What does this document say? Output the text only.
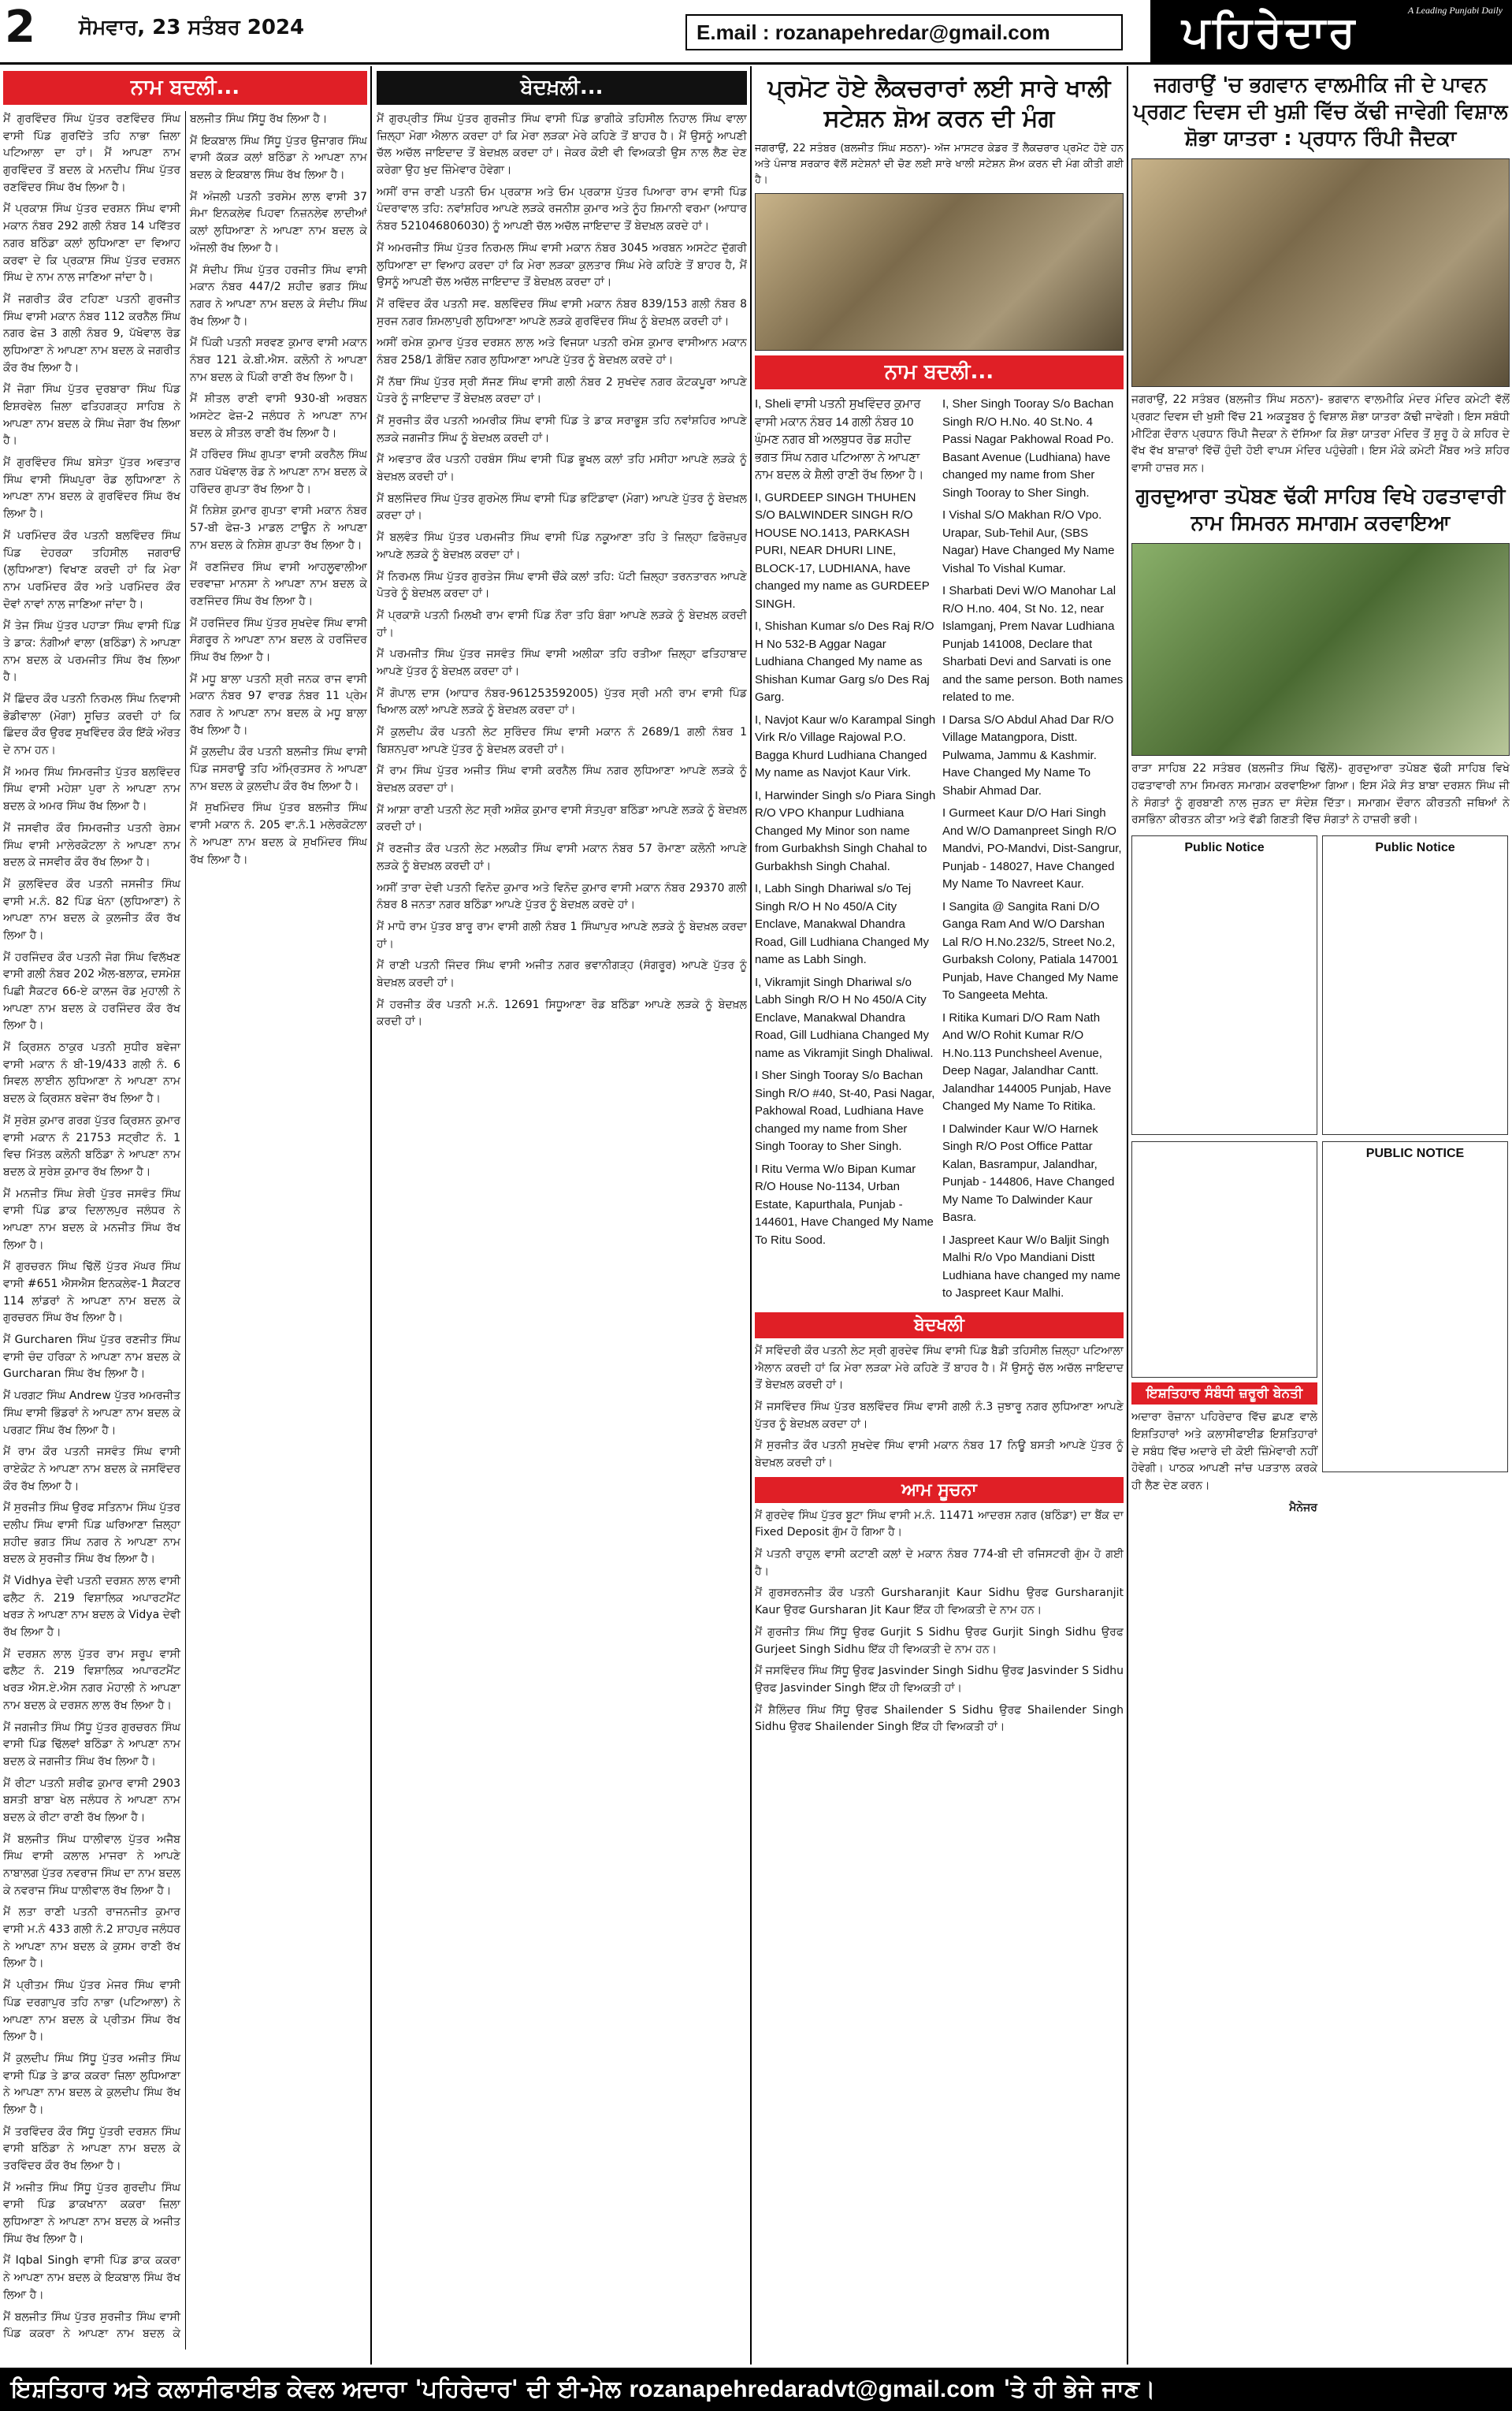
2 ਸੋਮਵਾਰ, 23 ਸਤੰਬਰ 2024	E.mail : rozanapehredar@gmail.com	ਪਹਿਰੇਦਾਰ	A Leading Punjabi Daily
ਨਾਮ ਬਦਲੀ...

ਮੈਂ ਗੁਰਵਿੰਦਰ ਸਿੰਘ ਪੁੱਤਰ ਰਣਵਿੰਦਰ ਸਿੰਘ ਵਾਸੀ ਪਿੰਡ ਗੁਰਦਿੱਤੇ ਤਹਿ ਨਾਭਾ ਜ਼ਿਲਾ ਪਟਿਆਲਾ ਦਾ ਹਾਂ। ਮੈਂ ਆਪਣਾ ਨਾਮ ਗੁਰਵਿੰਦਰ ਤੋਂ ਬਦਲ ਕੇ ਮਨਦੀਪ ਸਿੰਘ ਪੁੱਤਰ ਰਣਵਿੰਦਰ ਸਿੰਘ ਰੱਖ ਲਿਆ ਹੈ।

ਮੈਂ ਪ੍ਰਕਾਸ਼ ਸਿੰਘ ਪੁੱਤਰ ਦਰਸ਼ਨ ਸਿੰਘ ਵਾਸੀ ਮਕਾਨ ਨੰਬਰ 292 ਗਲੀ ਨੰਬਰ 14 ਪਵਿੱਤਰ ਨਗਰ ਬਠਿੰਡਾ ਕਲਾਂ ਲੁਧਿਆਣਾ ਦਾ ਵਿਆਹ ਕਰਵਾ ਦੇ ਕਿ ਪ੍ਰਕਾਸ਼ ਸਿੰਘ ਪੁੱਤਰ ਦਰਸ਼ਨ ਸਿੰਘ ਦੇ ਨਾਮ ਨਾਲ ਜਾਣਿਆ ਜਾਂਦਾ ਹੈ।

ਮੈਂ ਜਗਰੀਤ ਕੌਰ ਟਹਿਣਾ ਪਤਨੀ ਗੁਰਜੀਤ ਸਿੰਘ ਵਾਸੀ ਮਕਾਨ ਨੰਬਰ 112 ਕਰਨੈਲ ਸਿੰਘ ਨਗਰ ਫੇਜ਼ 3 ਗਲੀ ਨੰਬਰ 9, ਪੱਖੋਵਾਲ ਰੋਡ ਲੁਧਿਆਣਾ ਨੇ ਆਪਣਾ ਨਾਮ ਬਦਲ ਕੇ ਜਗਰੀਤ ਕੌਰ ਰੱਖ ਲਿਆ ਹੈ।

ਮੈਂ ਜੋਗਾ ਸਿੰਘ ਪੁੱਤਰ ਦੁਰਬਾਰਾ ਸਿੰਘ ਪਿੰਡ ਇਸ਼ਰਵੇਲ ਜ਼ਿਲਾ ਫਤਿਹਗੜ੍ਹ ਸਾਹਿਬ ਨੇ ਆਪਣਾ ਨਾਮ ਬਦਲ ਕੇ ਸਿੰਘ ਜੋਗਾ ਰੱਖ ਲਿਆ ਹੈ।

ਮੈਂ ਗੁਰਵਿੰਦਰ ਸਿੰਘ ਬਸੇਤਾ ਪੁੱਤਰ ਅਵਤਾਰ ਸਿੰਘ ਵਾਸੀ ਸਿੰਘਪੁਰਾ ਰੋਡ ਲੁਧਿਆਣਾ ਨੇ ਆਪਣਾ ਨਾਮ ਬਦਲ ਕੇ ਗੁਰਵਿੰਦਰ ਸਿੰਘ ਰੱਖ ਲਿਆ ਹੈ।

ਮੈਂ ਪਰਮਿੰਦਰ ਕੌਰ ਪਤਨੀ ਬਲਵਿੰਦਰ ਸਿੰਘ ਪਿੰਡ ਦੇਹਰਕਾ ਤਹਿਸੀਲ ਜਗਰਾਓਂ (ਲੁਧਿਆਣਾ) ਵਿਖਾਣ ਕਰਦੀ ਹਾਂ ਕਿ ਮੇਰਾ ਨਾਮ ਪਰਮਿੰਦਰ ਕੌਰ ਅਤੇ ਪਰਮਿੰਦਰ ਕੌਰ ਦੋਵਾਂ ਨਾਵਾਂ ਨਾਲ ਜਾਣਿਆ ਜਾਂਦਾ ਹੈ।

ਮੈਂ ਤੇਜ ਸਿੰਘ ਪੁੱਤਰ ਪਹਾੜਾ ਸਿੰਘ ਵਾਸੀ ਪਿੰਡ ਤੇ ਡਾਕ: ਨੰਗੀਆਂ ਵਾਲਾ (ਬਠਿੰਡਾ) ਨੇ ਆਪਣਾ ਨਾਮ ਬਦਲ ਕੇ ਪਰਮਜੀਤ ਸਿੰਘ ਰੱਖ ਲਿਆ ਹੈ।

ਮੈਂ ਛਿੰਦਰ ਕੌਰ ਪਤਨੀ ਨਿਰਮਲ ਸਿੰਘ ਨਿਵਾਸੀ ਭੋਡੀਵਾਲਾ (ਮੋਗਾ) ਸੂਚਿਤ ਕਰਦੀ ਹਾਂ ਕਿ ਛਿੰਦਰ ਕੌਰ ਉਰਫ ਸੁਖਵਿੰਦਰ ਕੌਰ ਇੱਕੋ ਔਰਤ ਦੇ ਨਾਮ ਹਨ।

ਮੈਂ ਅਮਰ ਸਿੰਘ ਸਿਮਰਜੀਤ ਪੁੱਤਰ ਬਲਵਿੰਦਰ ਸਿੰਘ ਵਾਸੀ ਮਹੇਸ਼ਾ ਪੁਰਾ ਨੇ ਆਪਣਾ ਨਾਮ ਬਦਲ ਕੇ ਅਮਰ ਸਿੰਘ ਰੱਖ ਲਿਆ ਹੈ।

ਮੈਂ ਜਸਵੀਰ ਕੌਰ ਸਿਮਰਜੀਤ ਪਤਨੀ ਰੇਸ਼ਮ ਸਿੰਘ ਵਾਸੀ ਮਾਲੇਰਕੋਟਲਾ ਨੇ ਆਪਣਾ ਨਾਮ ਬਦਲ ਕੇ ਜਸਵੀਰ ਕੌਰ ਰੱਖ ਲਿਆ ਹੈ।

ਮੈਂ ਕੁਲਵਿੰਦਰ ਕੌਰ ਪਤਨੀ ਜਸਜੀਤ ਸਿੰਘ ਵਾਸੀ ਮ.ਨੰ. 82 ਪਿੰਡ ਖੰਨਾ (ਲੁਧਿਆਣਾ) ਨੇ ਆਪਣਾ ਨਾਮ ਬਦਲ ਕੇ ਕੁਲਜੀਤ ਕੌਰ ਰੱਖ ਲਿਆ ਹੈ।

ਮੈਂ ਹਰਜਿੰਦਰ ਕੌਰ ਪਤਨੀ ਜੋਗ ਸਿੰਘ ਵਿਲੱਖਣ ਵਾਸੀ ਗਲੀ ਨੰਬਰ 202 ਐਲ-ਬਲਾਕ, ਦਸਮੇਸ਼ ਪਿਛੀ ਸੈਕਟਰ 66-ਏ ਕਾਲਜ ਰੋਡ ਮੁਹਾਲੀ ਨੇ ਆਪਣਾ ਨਾਮ ਬਦਲ ਕੇ ਹਰਜਿੰਦਰ ਕੌਰ ਰੱਖ ਲਿਆ ਹੈ।

ਮੈਂ ਕ੍ਰਿਸ਼ਨ ਠਾਕੁਰ ਪਤਨੀ ਸੁਧੀਰ ਬਵੇਜਾ ਵਾਸੀ ਮਕਾਨ ਨੰ ਬੀ-19/433 ਗਲੀ ਨੰ. 6 ਸਿਵਲ ਲਾਈਨ ਲੁਧਿਆਣਾ ਨੇ ਆਪਣਾ ਨਾਮ ਬਦਲ ਕੇ ਕ੍ਰਿਸ਼ਨ ਬਵੇਜਾ ਰੱਖ ਲਿਆ ਹੈ।

ਮੈਂ ਸੁਰੇਸ਼ ਕੁਮਾਰ ਗਰਗ ਪੁੱਤਰ ਕ੍ਰਿਸ਼ਨ ਕੁਮਾਰ ਵਾਸੀ ਮਕਾਨ ਨੰ 21753 ਸਟ੍ਰੀਟ ਨੰ. 1 ਵਿਚ ਮਿੱਤਲ ਕਲੋਨੀ ਬਠਿੰਡਾ ਨੇ ਆਪਣਾ ਨਾਮ ਬਦਲ ਕੇ ਸੁਰੇਸ਼ ਕੁਮਾਰ ਰੱਖ ਲਿਆ ਹੈ।

ਮੈਂ ਮਨਜੀਤ ਸਿੰਘ ਸ਼ੇਰੀ ਪੁੱਤਰ ਜਸਵੰਤ ਸਿੰਘ ਵਾਸੀ ਪਿੰਡ ਡਾਕ ਦਿਲਾਲਪੁਰ ਜਲੰਧਰ ਨੇ ਆਪਣਾ ਨਾਮ ਬਦਲ ਕੇ ਮਨਜੀਤ ਸਿੰਘ ਰੱਖ ਲਿਆ ਹੈ।

ਮੈਂ ਗੁਰਚਰਨ ਸਿੰਘ ਢਿੱਲੋਂ ਪੁੱਤਰ ਮੱਘਰ ਸਿੰਘ ਵਾਸੀ #651 ਐਸਐਸ ਇਨਕਲੇਵ-1 ਸੈਕਟਰ 114 ਲਾਂਡਰਾਂ ਨੇ ਆਪਣਾ ਨਾਮ ਬਦਲ ਕੇ ਗੁਰਚਰਨ ਸਿੰਘ ਰੱਖ ਲਿਆ ਹੈ।

ਮੈਂ Gurcharen ਸਿੰਘ ਪੁੱਤਰ ਰਣਜੀਤ ਸਿੰਘ ਵਾਸੀ ਚੰਦ ਹਰਿਕਾ ਨੇ ਆਪਣਾ ਨਾਮ ਬਦਲ ਕੇ Gurcharan ਸਿੰਘ ਰੱਖ ਲਿਆ ਹੈ।

ਮੈਂ ਪਰਗਟ ਸਿੰਘ Andrew ਪੁੱਤਰ ਅਮਰਜੀਤ ਸਿੰਘ ਵਾਸੀ ਭਿੰਡਰਾਂ ਨੇ ਆਪਣਾ ਨਾਮ ਬਦਲ ਕੇ ਪਰਗਟ ਸਿੰਘ ਰੱਖ ਲਿਆ ਹੈ।

ਮੈਂ ਰਾਮ ਕੌਰ ਪਤਨੀ ਜਸਵੰਤ ਸਿੰਘ ਵਾਸੀ ਰਾਏਕੋਟ ਨੇ ਆਪਣਾ ਨਾਮ ਬਦਲ ਕੇ ਜਸਵਿੰਦਰ ਕੌਰ ਰੱਖ ਲਿਆ ਹੈ।

ਮੈਂ ਸੁਰਜੀਤ ਸਿੰਘ ਉਰਫ ਸਤਿਨਾਮ ਸਿੰਘ ਪੁੱਤਰ ਦਲੀਪ ਸਿੰਘ ਵਾਸੀ ਪਿੰਡ ਘਰਿਆਣਾ ਜ਼ਿਲ੍ਹਾ ਸ਼ਹੀਦ ਭਗਤ ਸਿੰਘ ਨਗਰ ਨੇ ਆਪਣਾ ਨਾਮ ਬਦਲ ਕੇ ਸੁਰਜੀਤ ਸਿੰਘ ਰੱਖ ਲਿਆ ਹੈ।

ਮੈਂ Vidhya ਦੇਵੀ ਪਤਨੀ ਦਰਸ਼ਨ ਲਾਲ ਵਾਸੀ ਫਲੈਟ ਨੰ. 219 ਵਿਸ਼ਾਲਿਕ ਅਪਾਰਟਮੈਂਟ ਖਰੜ ਨੇ ਆਪਣਾ ਨਾਮ ਬਦਲ ਕੇ Vidya ਦੇਵੀ ਰੱਖ ਲਿਆ ਹੈ।

ਮੈਂ ਦਰਸ਼ਨ ਲਾਲ ਪੁੱਤਰ ਰਾਮ ਸਰੂਪ ਵਾਸੀ ਫਲੈਟ ਨੰ. 219 ਵਿਸ਼ਾਲਿਕ ਅਪਾਰਟਮੈਂਟ ਖਰੜ ਐਸ.ਏ.ਐਸ ਨਗਰ ਮੋਹਾਲੀ ਨੇ ਆਪਣਾ ਨਾਮ ਬਦਲ ਕੇ ਦਰਸ਼ਨ ਲਾਲ ਰੱਖ ਲਿਆ ਹੈ।

ਮੈਂ ਜਗਜੀਤ ਸਿੰਘ ਸਿੱਧੂ ਪੁੱਤਰ ਗੁਰਚਰਨ ਸਿੰਘ ਵਾਸੀ ਪਿੰਡ ਢਿੱਲਵਾਂ ਬਠਿੰਡਾ ਨੇ ਆਪਣਾ ਨਾਮ ਬਦਲ ਕੇ ਜਗਜੀਤ ਸਿੰਘ ਰੱਖ ਲਿਆ ਹੈ।

ਮੈਂ ਰੀਟਾ ਪਤਨੀ ਸ਼ਰੀਫ ਕੁਮਾਰ ਵਾਸੀ 2903 ਬਸਤੀ ਬਾਬਾ ਖੇਲ ਜਲੰਧਰ ਨੇ ਆਪਣਾ ਨਾਮ ਬਦਲ ਕੇ ਰੀਟਾ ਰਾਣੀ ਰੱਖ ਲਿਆ ਹੈ।

ਮੈਂ ਬਲਜੀਤ ਸਿੰਘ ਧਾਲੀਵਾਲ ਪੁੱਤਰ ਅਜੈਬ ਸਿੰਘ ਵਾਸੀ ਕਲਾਲ ਮਾਜਰਾ ਨੇ ਆਪਣੇ ਨਾਬਾਲਗ ਪੁੱਤਰ ਨਵਰਾਜ ਸਿੰਘ ਦਾ ਨਾਮ ਬਦਲ ਕੇ ਨਵਰਾਜ ਸਿੰਘ ਧਾਲੀਵਾਲ ਰੱਖ ਲਿਆ ਹੈ।

ਮੈਂ ਲਤਾ ਰਾਣੀ ਪਤਨੀ ਰਾਜਨਜੀਤ ਕੁਮਾਰ ਵਾਸੀ ਮ.ਨੰ 433 ਗਲੀ ਨੰ.2 ਸ਼ਾਹਪੁਰ ਜਲੰਧਰ ਨੇ ਆਪਣਾ ਨਾਮ ਬਦਲ ਕੇ ਕੁਸਮ ਰਾਣੀ ਰੱਖ ਲਿਆ ਹੈ।

ਮੈਂ ਪ੍ਰੀਤਮ ਸਿੰਘ ਪੁੱਤਰ ਮੇਜਰ ਸਿੰਘ ਵਾਸੀ ਪਿੰਡ ਦਰਗਾਪੁਰ ਤਹਿ ਨਾਭਾ (ਪਟਿਆਲਾ) ਨੇ ਆਪਣਾ ਨਾਮ ਬਦਲ ਕੇ ਪ੍ਰੀਤਮ ਸਿੰਘ ਰੱਖ ਲਿਆ ਹੈ।

ਮੈਂ ਕੁਲਦੀਪ ਸਿੰਘ ਸਿੱਧੂ ਪੁੱਤਰ ਅਜੀਤ ਸਿੰਘ ਵਾਸੀ ਪਿੰਡ ਤੇ ਡਾਕ ਕਕਰਾ ਜ਼ਿਲਾ ਲੁਧਿਆਣਾ ਨੇ ਆਪਣਾ ਨਾਮ ਬਦਲ ਕੇ ਕੁਲਦੀਪ ਸਿੰਘ ਰੱਖ ਲਿਆ ਹੈ।

ਮੈਂ ਤਰਵਿੰਦਰ ਕੌਰ ਸਿੱਧੂ ਪੁੱਤਰੀ ਦਰਸ਼ਨ ਸਿੰਘ ਵਾਸੀ ਬਠਿੰਡਾ ਨੇ ਆਪਣਾ ਨਾਮ ਬਦਲ ਕੇ ਤਰਵਿੰਦਰ ਕੌਰ ਰੱਖ ਲਿਆ ਹੈ।

ਮੈਂ ਅਜੀਤ ਸਿੰਘ ਸਿੱਧੂ ਪੁੱਤਰ ਗੁਰਦੀਪ ਸਿੰਘ ਵਾਸੀ ਪਿੰਡ ਡਾਕਖਾਨਾ ਕਕਰਾ ਜ਼ਿਲਾ ਲੁਧਿਆਣਾ ਨੇ ਆਪਣਾ ਨਾਮ ਬਦਲ ਕੇ ਅਜੀਤ ਸਿੰਘ ਰੱਖ ਲਿਆ ਹੈ।

ਮੈਂ Iqbal Singh ਵਾਸੀ ਪਿੰਡ ਡਾਕ ਕਕਰਾ ਨੇ ਆਪਣਾ ਨਾਮ ਬਦਲ ਕੇ ਇਕਬਾਲ ਸਿੰਘ ਰੱਖ ਲਿਆ ਹੈ।

ਮੈਂ ਬਲਜੀਤ ਸਿੰਘ ਪੁੱਤਰ ਸੁਰਜੀਤ ਸਿੰਘ ਵਾਸੀ ਪਿੰਡ ਕਕਰਾ ਨੇ ਆਪਣਾ ਨਾਮ ਬਦਲ ਕੇ ਬਲਜੀਤ ਸਿੰਘ ਸਿੱਧੂ ਰੱਖ ਲਿਆ ਹੈ।

ਮੈਂ ਇਕਬਾਲ ਸਿੰਘ ਸਿੱਧੂ ਪੁੱਤਰ ਉਜਾਗਰ ਸਿੰਘ ਵਾਸੀ ਕੱਕੜ ਕਲਾਂ ਬਠਿੰਡਾ ਨੇ ਆਪਣਾ ਨਾਮ ਬਦਲ ਕੇ ਇਕਬਾਲ ਸਿੰਘ ਰੱਖ ਲਿਆ ਹੈ।

ਮੈਂ ਅੰਜਲੀ ਪਤਨੀ ਤਰਸੇਮ ਲਾਲ ਵਾਸੀ 37 ਸੰਮਾ ਇਨਕਲੇਵ ਪਿਹਵਾ ਨਿਜ਼ਨਲੇਵ ਲਾਦੀਆਂ ਕਲਾਂ ਲੁਧਿਆਣਾ ਨੇ ਆਪਣਾ ਨਾਮ ਬਦਲ ਕੇ ਅੰਜਲੀ ਰੱਖ ਲਿਆ ਹੈ।

ਮੈਂ ਸੰਦੀਪ ਸਿੰਘ ਪੁੱਤਰ ਹਰਜੀਤ ਸਿੰਘ ਵਾਸੀ ਮਕਾਨ ਨੰਬਰ 447/2 ਸ਼ਹੀਦ ਭਗਤ ਸਿੰਘ ਨਗਰ ਨੇ ਆਪਣਾ ਨਾਮ ਬਦਲ ਕੇ ਸੰਦੀਪ ਸਿੰਘ ਰੱਖ ਲਿਆ ਹੈ।

ਮੈਂ ਪਿੰਕੀ ਪਤਨੀ ਸਰਵਣ ਕੁਮਾਰ ਵਾਸੀ ਮਕਾਨ ਨੰਬਰ 121 ਕੇ.ਬੀ.ਐਸ. ਕਲੋਨੀ ਨੇ ਆਪਣਾ ਨਾਮ ਬਦਲ ਕੇ ਪਿੰਕੀ ਰਾਣੀ ਰੱਖ ਲਿਆ ਹੈ।

ਮੈਂ ਸ਼ੀਤਲ ਰਾਣੀ ਵਾਸੀ 930-ਬੀ ਅਰਬਨ ਅਸਟੇਟ ਫੇਜ਼-2 ਜਲੰਧਰ ਨੇ ਆਪਣਾ ਨਾਮ ਬਦਲ ਕੇ ਸ਼ੀਤਲ ਰਾਣੀ ਰੱਖ ਲਿਆ ਹੈ।

ਮੈਂ ਹਰਿੰਦਰ ਸਿੰਘ ਗੁਪਤਾ ਵਾਸੀ ਕਰਨੈਲ ਸਿੰਘ ਨਗਰ ਪੱਖੋਵਾਲ ਰੋਡ ਨੇ ਆਪਣਾ ਨਾਮ ਬਦਲ ਕੇ ਹਰਿੰਦਰ ਗੁਪਤਾ ਰੱਖ ਲਿਆ ਹੈ।

ਮੈਂ ਨਿਸ਼ੇਸ਼ ਕੁਮਾਰ ਗੁਪਤਾ ਵਾਸੀ ਮਕਾਨ ਨੰਬਰ 57-ਬੀ ਫੇਜ਼-3 ਮਾਡਲ ਟਾਊਨ ਨੇ ਆਪਣਾ ਨਾਮ ਬਦਲ ਕੇ ਨਿਸ਼ੇਸ਼ ਗੁਪਤਾ ਰੱਖ ਲਿਆ ਹੈ।

ਮੈਂ ਰਣਜਿੰਦਰ ਸਿੰਘ ਵਾਸੀ ਆਹਲੂਵਾਲੀਆ ਦਰਵਾਜ਼ਾ ਮਾਨਸਾ ਨੇ ਆਪਣਾ ਨਾਮ ਬਦਲ ਕੇ ਰਣਜਿੰਦਰ ਸਿੰਘ ਰੱਖ ਲਿਆ ਹੈ।

ਮੈਂ ਹਰਜਿੰਦਰ ਸਿੰਘ ਪੁੱਤਰ ਸੁਖਦੇਵ ਸਿੰਘ ਵਾਸੀ ਸੰਗਰੂਰ ਨੇ ਆਪਣਾ ਨਾਮ ਬਦਲ ਕੇ ਹਰਜਿੰਦਰ ਸਿੰਘ ਰੱਖ ਲਿਆ ਹੈ।

ਮੈਂ ਮਧੂ ਬਾਲਾ ਪਤਨੀ ਸ਼੍ਰੀ ਜਨਕ ਰਾਜ ਵਾਸੀ ਮਕਾਨ ਨੰਬਰ 97 ਵਾਰਡ ਨੰਬਰ 11 ਪ੍ਰੇਮ ਨਗਰ ਨੇ ਆਪਣਾ ਨਾਮ ਬਦਲ ਕੇ ਮਧੂ ਬਾਲਾ ਰੱਖ ਲਿਆ ਹੈ।

ਮੈਂ ਕੁਲਦੀਪ ਕੌਰ ਪਤਨੀ ਬਲਜੀਤ ਸਿੰਘ ਵਾਸੀ ਪਿੰਡ ਜਸਰਾਊ ਤਹਿ ਅੰਮ੍ਰਿਤਸਰ ਨੇ ਆਪਣਾ ਨਾਮ ਬਦਲ ਕੇ ਕੁਲਦੀਪ ਕੌਰ ਰੱਖ ਲਿਆ ਹੈ।

ਮੈਂ ਸੁਖਮਿੰਦਰ ਸਿੰਘ ਪੁੱਤਰ ਬਲਜੀਤ ਸਿੰਘ ਵਾਸੀ ਮਕਾਨ ਨੰ. 205 ਵਾ.ਨੰ.1 ਮਲੇਰਕੋਟਲਾ ਨੇ ਆਪਣਾ ਨਾਮ ਬਦਲ ਕੇ ਸੁਖਮਿੰਦਰ ਸਿੰਘ ਰੱਖ ਲਿਆ ਹੈ।

ਬੇਦਖ਼ਲੀ...

ਮੈਂ ਗੁਰਪ੍ਰੀਤ ਸਿੰਘ ਪੁੱਤਰ ਗੁਰਜੀਤ ਸਿੰਘ ਵਾਸੀ ਪਿੰਡ ਭਾਗੀਕੇ ਤਹਿਸੀਲ ਨਿਹਾਲ ਸਿੰਘ ਵਾਲਾ ਜ਼ਿਲ੍ਹਾ ਮੋਗਾ ਐਲਾਨ ਕਰਦਾ ਹਾਂ ਕਿ ਮੇਰਾ ਲੜਕਾ ਮੇਰੇ ਕਹਿਣੇ ਤੋਂ ਬਾਹਰ ਹੈ। ਮੈਂ ਉਸਨੂੰ ਆਪਣੀ ਚੱਲ ਅਚੱਲ ਜਾਇਦਾਦ ਤੋਂ ਬੇਦਖ਼ਲ ਕਰਦਾ ਹਾਂ। ਜੇਕਰ ਕੋਈ ਵੀ ਵਿਅਕਤੀ ਉਸ ਨਾਲ ਲੈਣ ਦੇਣ ਕਰੇਗਾ ਉਹ ਖੁਦ ਜ਼ਿੰਮੇਵਾਰ ਹੋਵੇਗਾ।

ਅਸੀਂ ਰਾਜ ਰਾਣੀ ਪਤਨੀ ਓਮ ਪ੍ਰਕਾਸ਼ ਅਤੇ ਓਮ ਪ੍ਰਕਾਸ਼ ਪੁੱਤਰ ਪਿਆਰਾ ਰਾਮ ਵਾਸੀ ਪਿੰਡ ਪੰਦਰਾਵਾਲ ਤਹਿ: ਨਵਾਂਸ਼ਹਿਰ ਆਪਣੇ ਲੜਕੇ ਰਜਨੀਸ਼ ਕੁਮਾਰ ਅਤੇ ਨੂੰਹ ਸ਼ਿਮਾਨੀ ਵਰਮਾ (ਆਧਾਰ ਨੰਬਰ 521046806030) ਨੂੰ ਆਪਣੀ ਚੱਲ ਅਚੱਲ ਜਾਇਦਾਦ ਤੋਂ ਬੇਦਖ਼ਲ ਕਰਦੇ ਹਾਂ।

ਮੈਂ ਅਮਰਜੀਤ ਸਿੰਘ ਪੁੱਤਰ ਨਿਰਮਲ ਸਿੰਘ ਵਾਸੀ ਮਕਾਨ ਨੰਬਰ 3045 ਅਰਬਨ ਅਸਟੇਟ ਦੁੱਗਰੀ ਲੁਧਿਆਣਾ ਦਾ ਵਿਆਹ ਕਰਦਾ ਹਾਂ ਕਿ ਮੇਰਾ ਲੜਕਾ ਕੁਲਤਾਰ ਸਿੰਘ ਮੇਰੇ ਕਹਿਣੇ ਤੋਂ ਬਾਹਰ ਹੈ, ਮੈਂ ਉਸਨੂੰ ਆਪਣੀ ਚੱਲ ਅਚੱਲ ਜਾਇਦਾਦ ਤੋਂ ਬੇਦਖ਼ਲ ਕਰਦਾ ਹਾਂ।

ਮੈਂ ਰਵਿੰਦਰ ਕੌਰ ਪਤਨੀ ਸਵ. ਬਲਵਿੰਦਰ ਸਿੰਘ ਵਾਸੀ ਮਕਾਨ ਨੰਬਰ 839/153 ਗਲੀ ਨੰਬਰ 8 ਸੁਰਜ ਨਗਰ ਸ਼ਿਮਲਾਪੁਰੀ ਲੁਧਿਆਣਾ ਆਪਣੇ ਲੜਕੇ ਗੁਰਵਿੰਦਰ ਸਿੰਘ ਨੂੰ ਬੇਦਖ਼ਲ ਕਰਦੀ ਹਾਂ।

ਅਸੀਂ ਰਮੇਸ਼ ਕੁਮਾਰ ਪੁੱਤਰ ਦਰਸ਼ਨ ਲਾਲ ਅਤੇ ਵਿਜਯਾ ਪਤਨੀ ਰਮੇਸ਼ ਕੁਮਾਰ ਵਾਸੀਆਨ ਮਕਾਨ ਨੰਬਰ 258/1 ਗੋਬਿੰਦ ਨਗਰ ਲੁਧਿਆਣਾ ਆਪਣੇ ਪੁੱਤਰ ਨੂੰ ਬੇਦਖ਼ਲ ਕਰਦੇ ਹਾਂ।

ਮੈਂ ਨੱਥਾ ਸਿੰਘ ਪੁੱਤਰ ਸ੍ਰੀ ਸੱਜਣ ਸਿੰਘ ਵਾਸੀ ਗਲੀ ਨੰਬਰ 2 ਸੁਖਦੇਵ ਨਗਰ ਕੋਟਕਪੂਰਾ ਆਪਣੇ ਪੋਤਰੇ ਨੂੰ ਜਾਇਦਾਦ ਤੋਂ ਬੇਦਖ਼ਲ ਕਰਦਾ ਹਾਂ।

ਮੈਂ ਸੁਰਜੀਤ ਕੌਰ ਪਤਨੀ ਅਮਰੀਕ ਸਿੰਘ ਵਾਸੀ ਪਿੰਡ ਤੇ ਡਾਕ ਸਰਾਭੂਸ਼ ਤਹਿ ਨਵਾਂਸ਼ਹਿਰ ਆਪਣੇ ਲੜਕੇ ਜਗਜੀਤ ਸਿੰਘ ਨੂੰ ਬੇਦਖ਼ਲ ਕਰਦੀ ਹਾਂ।

ਮੈਂ ਅਵਤਾਰ ਕੌਰ ਪਤਨੀ ਹਰਬੰਸ ਸਿੰਘ ਵਾਸੀ ਪਿੰਡ ਭੂਖਲ ਕਲਾਂ ਤਹਿ ਮਸੀਹਾ ਆਪਣੇ ਲੜਕੇ ਨੂੰ ਬੇਦਖ਼ਲ ਕਰਦੀ ਹਾਂ।

ਮੈਂ ਬਲਜਿੰਦਰ ਸਿੰਘ ਪੁੱਤਰ ਗੁਰਮੇਲ ਸਿੰਘ ਵਾਸੀ ਪਿੰਡ ਭਟਿੰਡਾਵਾ (ਮੋਗਾ) ਆਪਣੇ ਪੁੱਤਰ ਨੂੰ ਬੇਦਖ਼ਲ ਕਰਦਾ ਹਾਂ।

ਮੈਂ ਬਲਵੰਤ ਸਿੰਘ ਪੁੱਤਰ ਪਰਮਜੀਤ ਸਿੰਘ ਵਾਸੀ ਪਿੰਡ ਨਕੂਆਣਾ ਤਹਿ ਤੇ ਜ਼ਿਲ੍ਹਾ ਫ਼ਿਰੋਜ਼ਪੁਰ ਆਪਣੇ ਲੜਕੇ ਨੂੰ ਬੇਦਖ਼ਲ ਕਰਦਾ ਹਾਂ।

ਮੈਂ ਨਿਰਮਲ ਸਿੰਘ ਪੁੱਤਰ ਗੁਰਤੇਜ ਸਿੰਘ ਵਾਸੀ ਚੌਂਕੇ ਕਲਾਂ ਤਹਿ: ਪੱਟੀ ਜ਼ਿਲ੍ਹਾ ਤਰਨਤਾਰਨ ਆਪਣੇ ਪੋਤਰੇ ਨੂੰ ਬੇਦਖ਼ਲ ਕਰਦਾ ਹਾਂ।

ਮੈਂ ਪ੍ਰਕਾਸ਼ੋ ਪਤਨੀ ਮਿਲਖੀ ਰਾਮ ਵਾਸੀ ਪਿੰਡ ਨੌਰਾ ਤਹਿ ਬੰਗਾ ਆਪਣੇ ਲੜਕੇ ਨੂੰ ਬੇਦਖ਼ਲ ਕਰਦੀ ਹਾਂ।

ਮੈਂ ਪਰਮਜੀਤ ਸਿੰਘ ਪੁੱਤਰ ਜਸਵੰਤ ਸਿੰਘ ਵਾਸੀ ਅਲੀਕਾ ਤਹਿ ਰਤੀਆ ਜ਼ਿਲ੍ਹਾ ਫਤਿਹਾਬਾਦ ਆਪਣੇ ਪੁੱਤਰ ਨੂੰ ਬੇਦਖ਼ਲ ਕਰਦਾ ਹਾਂ।

ਮੈਂ ਗੋਪਾਲ ਦਾਸ (ਆਧਾਰ ਨੰਬਰ-961253592005) ਪੁੱਤਰ ਸ੍ਰੀ ਮਨੀ ਰਾਮ ਵਾਸੀ ਪਿੰਡ ਖਿਆਲ ਕਲਾਂ ਆਪਣੇ ਲੜਕੇ ਨੂੰ ਬੇਦਖ਼ਲ ਕਰਦਾ ਹਾਂ।

ਮੈਂ ਕੁਲਦੀਪ ਕੌਰ ਪਤਨੀ ਲੇਟ ਸੁਰਿੰਦਰ ਸਿੰਘ ਵਾਸੀ ਮਕਾਨ ਨੰ 2689/1 ਗਲੀ ਨੰਬਰ 1 ਬਿਸ਼ਨਪੁਰਾ ਆਪਣੇ ਪੁੱਤਰ ਨੂੰ ਬੇਦਖ਼ਲ ਕਰਦੀ ਹਾਂ।

ਮੈਂ ਰਾਮ ਸਿੰਘ ਪੁੱਤਰ ਅਜੀਤ ਸਿੰਘ ਵਾਸੀ ਕਰਨੈਲ ਸਿੰਘ ਨਗਰ ਲੁਧਿਆਣਾ ਆਪਣੇ ਲੜਕੇ ਨੂੰ ਬੇਦਖ਼ਲ ਕਰਦਾ ਹਾਂ।

ਮੈਂ ਆਸ਼ਾ ਰਾਣੀ ਪਤਨੀ ਲੇਟ ਸ੍ਰੀ ਅਸ਼ੋਕ ਕੁਮਾਰ ਵਾਸੀ ਸੰਤਪੁਰਾ ਬਠਿੰਡਾ ਆਪਣੇ ਲੜਕੇ ਨੂੰ ਬੇਦਖ਼ਲ ਕਰਦੀ ਹਾਂ।

ਮੈਂ ਰਣਜੀਤ ਕੌਰ ਪਤਨੀ ਲੇਟ ਮਲਕੀਤ ਸਿੰਘ ਵਾਸੀ ਮਕਾਨ ਨੰਬਰ 57 ਰੋਮਾਣਾ ਕਲੋਨੀ ਆਪਣੇ ਲੜਕੇ ਨੂੰ ਬੇਦਖ਼ਲ ਕਰਦੀ ਹਾਂ।

ਅਸੀਂ ਤਾਰਾ ਦੇਵੀ ਪਤਨੀ ਵਿਨੋਦ ਕੁਮਾਰ ਅਤੇ ਵਿਨੋਦ ਕੁਮਾਰ ਵਾਸੀ ਮਕਾਨ ਨੰਬਰ 29370 ਗਲੀ ਨੰਬਰ 8 ਜਨਤਾ ਨਗਰ ਬਠਿੰਡਾ ਆਪਣੇ ਪੁੱਤਰ ਨੂੰ ਬੇਦਖ਼ਲ ਕਰਦੇ ਹਾਂ।

ਮੈਂ ਮਾਧੋ ਰਾਮ ਪੁੱਤਰ ਬਾਰੂ ਰਾਮ ਵਾਸੀ ਗਲੀ ਨੰਬਰ 1 ਸਿੰਘਾਪੁਰ ਆਪਣੇ ਲੜਕੇ ਨੂੰ ਬੇਦਖ਼ਲ ਕਰਦਾ ਹਾਂ।

ਮੈਂ ਰਾਣੀ ਪਤਨੀ ਜਿੰਦਰ ਸਿੰਘ ਵਾਸੀ ਅਜੀਤ ਨਗਰ ਭਵਾਨੀਗੜ੍ਹ (ਸੰਗਰੂਰ) ਆਪਣੇ ਪੁੱਤਰ ਨੂੰ ਬੇਦਖ਼ਲ ਕਰਦੀ ਹਾਂ।

ਮੈਂ ਹਰਜੀਤ ਕੌਰ ਪਤਨੀ ਮ.ਨੰ. 12691 ਸਿਧੂਆਣਾ ਰੋਡ ਬਠਿੰਡਾ ਆਪਣੇ ਲੜਕੇ ਨੂੰ ਬੇਦਖ਼ਲ ਕਰਦੀ ਹਾਂ।

ਪ੍ਰਮੋਟ ਹੋਏ ਲੈਕਚਰਾਰਾਂ ਲਈ ਸਾਰੇ ਖਾਲੀ ਸਟੇਸ਼ਨ ਸ਼ੋਅ ਕਰਨ ਦੀ ਮੰਗ

ਜਗਰਾਉਂ, 22 ਸਤੰਬਰ (ਬਲਜੀਤ ਸਿੰਘ ਸਠਨਾ)- ਅੱਜ ਮਾਸਟਰ ਕੇਡਰ ਤੋਂ ਲੈਕਚਰਾਰ ਪ੍ਰਮੋਟ ਹੋਏ ਹਨ ਅਤੇ ਪੰਜਾਬ ਸਰਕਾਰ ਵੱਲੋਂ ਸਟੇਸ਼ਨਾਂ ਦੀ ਚੋਣ ਲਈ ਸਾਰੇ ਖਾਲੀ ਸਟੇਸ਼ਨ ਸ਼ੋਅ ਕਰਨ ਦੀ ਮੰਗ ਕੀਤੀ ਗਈ ਹੈ।

ਨਾਮ ਬਦਲੀ...

I, Sheli ਵਾਸੀ ਪਤਨੀ ਸੁਖਵਿੰਦਰ ਕੁਮਾਰ ਵਾਸੀ ਮਕਾਨ ਨੰਬਰ 14 ਗਲੀ ਨੰਬਰ 10 ਘੁੰਮਣ ਨਗਰ ਬੀ ਅਲਬੁਧਰ ਰੋਡ ਸ਼ਹੀਦ ਭਗਤ ਸਿੰਘ ਨਗਰ ਪਟਿਆਲਾ ਨੇ ਆਪਣਾ ਨਾਮ ਬਦਲ ਕੇ ਸ਼ੈਲੀ ਰਾਣੀ ਰੱਖ ਲਿਆ ਹੈ।

I, GURDEEP SINGH THUHEN S/O BALWINDER SINGH R/O HOUSE NO.1413, PARKASH PURI, NEAR DHURI LINE, BLOCK-17, LUDHIANA, have changed my name as GURDEEP SINGH.

I, Shishan Kumar s/o Des Raj R/O H No 532-B Aggar Nagar Ludhiana Changed My name as Shishan Kumar Garg s/o Des Raj Garg.

I, Navjot Kaur w/o Karampal Singh Virk R/o Village Rajowal P.O. Bagga Khurd Ludhiana Changed My name as Navjot Kaur Virk.

I, Harwinder Singh s/o Piara Singh R/O VPO Khanpur Ludhiana Changed My Minor son name from Gurbakhsh Singh Chahal to Gurbakhsh Singh Chahal.

I, Labh Singh Dhariwal s/o Tej Singh R/O H No 450/A City Enclave, Manakwal Dhandra Road, Gill Ludhiana Changed My name as Labh Singh.

I, Vikramjit Singh Dhariwal s/o Labh Singh R/O H No 450/A City Enclave, Manakwal Dhandra Road, Gill Ludhiana Changed My name as Vikramjit Singh Dhaliwal.

I Sher Singh Tooray S/o Bachan Singh R/O #40, St-40, Pasi Nagar, Pakhowal Road, Ludhiana Have changed my name from Sher Singh Tooray to Sher Singh.

I Ritu Verma W/o Bipan Kumar R/O House No-1134, Urban Estate, Kapurthala, Punjab - 144601, Have Changed My Name To Ritu Sood.

I, Sher Singh Tooray S/o Bachan Singh R/O H.No. 40 St.No. 4 Passi Nagar Pakhowal Road Po. Basant Avenue (Ludhiana) have changed my name from Sher Singh Tooray to Sher Singh.

I Vishal S/O Makhan R/O Vpo. Urapar, Sub-Tehil Aur, (SBS Nagar) Have Changed My Name Vishal To Vishal Kumar.

I Sharbati Devi W/O Manohar Lal R/O H.no. 404, St No. 12, near Islamganj, Prem Navar Ludhiana Punjab 141008, Declare that Sharbati Devi and Sarvati is one and the same person. Both names related to me.

I Darsa S/O Abdul Ahad Dar R/O Village Matangpora, Distt. Pulwama, Jammu & Kashmir. Have Changed My Name To Shabir Ahmad Dar.

I Gurmeet Kaur D/O Hari Singh And W/O Damanpreet Singh R/O Mandvi, PO-Mandvi, Dist-Sangrur, Punjab - 148027, Have Changed My Name To Navreet Kaur.

I Sangita @ Sangita Rani D/O Ganga Ram And W/O Darshan Lal R/O H.No.232/5, Street No.2, Gurbaksh Colony, Patiala 147001 Punjab, Have Changed My Name To Sangeeta Mehta.

I Ritika Kumari D/O Ram Nath And W/O Rohit Kumar R/O H.No.113 Punchsheel Avenue, Deep Nagar, Jalandhar Cantt. Jalandhar 144005 Punjab, Have Changed My Name To Ritika.

I Dalwinder Kaur W/O Harnek Singh R/O Post Office Pattar Kalan, Basrampur, Jalandhar, Punjab - 144806, Have Changed My Name To Dalwinder Kaur Basra.

I Jaspreet Kaur W/o Baljit Singh Malhi R/o Vpo Mandiani Distt Ludhiana have changed my name to Jaspreet Kaur Malhi.

ਬੇਦਖਲੀ

ਮੈਂ ਸਵਿੰਦਰੀ ਕੌਰ ਪਤਨੀ ਲੇਟ ਸ੍ਰੀ ਗੁਰਦੇਵ ਸਿੰਘ ਵਾਸੀ ਪਿੰਡ ਬੈਡੀ ਤਹਿਸੀਲ ਜ਼ਿਲ੍ਹਾ ਪਟਿਆਲਾ ਐਲਾਨ ਕਰਦੀ ਹਾਂ ਕਿ ਮੇਰਾ ਲੜਕਾ ਮੇਰੇ ਕਹਿਣੇ ਤੋਂ ਬਾਹਰ ਹੈ। ਮੈਂ ਉਸਨੂੰ ਚੱਲ ਅਚੱਲ ਜਾਇਦਾਦ ਤੋਂ ਬੇਦਖ਼ਲ ਕਰਦੀ ਹਾਂ।

ਮੈਂ ਜਸਵਿੰਦਰ ਸਿੰਘ ਪੁੱਤਰ ਬਲਵਿੰਦਰ ਸਿੰਘ ਵਾਸੀ ਗਲੀ ਨੰ.3 ਜੁਝਾਰੂ ਨਗਰ ਲੁਧਿਆਣਾ ਆਪਣੇ ਪੁੱਤਰ ਨੂੰ ਬੇਦਖ਼ਲ ਕਰਦਾ ਹਾਂ।

ਮੈਂ ਸੁਰਜੀਤ ਕੌਰ ਪਤਨੀ ਸੁਖਦੇਵ ਸਿੰਘ ਵਾਸੀ ਮਕਾਨ ਨੰਬਰ 17 ਨਿਊ ਬਸਤੀ ਆਪਣੇ ਪੁੱਤਰ ਨੂੰ ਬੇਦਖ਼ਲ ਕਰਦੀ ਹਾਂ।

ਆਮ ਸੂਚਨਾ

ਮੈਂ ਗੁਰਦੇਵ ਸਿੰਘ ਪੁੱਤਰ ਬੂਟਾ ਸਿੰਘ ਵਾਸੀ ਮ.ਨੰ. 11471 ਆਦਰਸ਼ ਨਗਰ (ਬਠਿੰਡਾ) ਦਾ ਬੈਂਕ ਦਾ Fixed Deposit ਗੁੰਮ ਹੋ ਗਿਆ ਹੈ।

ਮੈਂ ਪਤਨੀ ਰਾਹੁਲ ਵਾਸੀ ਕਟਾਣੀ ਕਲਾਂ ਦੇ ਮਕਾਨ ਨੰਬਰ 774-ਬੀ ਦੀ ਰਜਿਸਟਰੀ ਗੁੰਮ ਹੋ ਗਈ ਹੈ।

ਮੈਂ ਗੁਰਸਰਨਜੀਤ ਕੌਰ ਪਤਨੀ Gursharanjit Kaur Sidhu ਉਰਫ Gursharanjit Kaur ਉਰਫ Gursharan Jit Kaur ਇੱਕ ਹੀ ਵਿਅਕਤੀ ਦੇ ਨਾਮ ਹਨ।

ਮੈਂ ਗੁਰਜੀਤ ਸਿੰਘ ਸਿੱਧੂ ਉਰਫ Gurjit S Sidhu ਉਰਫ Gurjit Singh Sidhu ਉਰਫ Gurjeet Singh Sidhu ਇੱਕ ਹੀ ਵਿਅਕਤੀ ਦੇ ਨਾਮ ਹਨ।

ਮੈਂ ਜਸਵਿੰਦਰ ਸਿੰਘ ਸਿੱਧੂ ਉਰਫ Jasvinder Singh Sidhu ਉਰਫ Jasvinder S Sidhu ਉਰਫ Jasvinder Singh ਇੱਕ ਹੀ ਵਿਅਕਤੀ ਹਾਂ।

ਮੈਂ ਸ਼ੈਲਿੰਦਰ ਸਿੰਘ ਸਿੱਧੂ ਉਰਫ Shailender S Sidhu ਉਰਫ Shailender Singh Sidhu ਉਰਫ Shailender Singh ਇੱਕ ਹੀ ਵਿਅਕਤੀ ਹਾਂ।

ਜਗਰਾਉਂ 'ਚ ਭਗਵਾਨ ਵਾਲਮੀਕਿ ਜੀ ਦੇ ਪਾਵਨ ਪ੍ਰਗਟ ਦਿਵਸ ਦੀ ਖੁਸ਼ੀ ਵਿੱਚ ਕੱਢੀ ਜਾਵੇਗੀ ਵਿਸ਼ਾਲ ਸ਼ੋਭਾ ਯਾਤਰਾ : ਪ੍ਰਧਾਨ ਰਿੰਪੀ ਜੈਦਕਾ

ਜਗਰਾਉਂ, 22 ਸਤੰਬਰ (ਬਲਜੀਤ ਸਿੰਘ ਸਠਨਾ)- ਭਗਵਾਨ ਵਾਲਮੀਕਿ ਮੰਦਰ ਮੰਦਿਰ ਕਮੇਟੀ ਵੱਲੋਂ ਪ੍ਰਗਟ ਦਿਵਸ ਦੀ ਖੁਸ਼ੀ ਵਿੱਚ 21 ਅਕਤੂਬਰ ਨੂੰ ਵਿਸ਼ਾਲ ਸ਼ੋਭਾ ਯਾਤਰਾ ਕੱਢੀ ਜਾਵੇਗੀ। ਇਸ ਸਬੰਧੀ ਮੀਟਿੰਗ ਦੌਰਾਨ ਪ੍ਰਧਾਨ ਰਿੰਪੀ ਜੈਦਕਾ ਨੇ ਦੱਸਿਆ ਕਿ ਸ਼ੋਭਾ ਯਾਤਰਾ ਮੰਦਿਰ ਤੋਂ ਸ਼ੁਰੂ ਹੋ ਕੇ ਸ਼ਹਿਰ ਦੇ ਵੱਖ ਵੱਖ ਬਾਜ਼ਾਰਾਂ ਵਿੱਚੋਂ ਹੁੰਦੀ ਹੋਈ ਵਾਪਸ ਮੰਦਿਰ ਪਹੁੰਚੇਗੀ। ਇਸ ਮੌਕੇ ਕਮੇਟੀ ਮੈਂਬਰ ਅਤੇ ਸ਼ਹਿਰ ਵਾਸੀ ਹਾਜ਼ਰ ਸਨ।

ਗੁਰਦੁਆਰਾ ਤਪੋਬਣ ਢੱਕੀ ਸਾਹਿਬ ਵਿਖੇ ਹਫਤਾਵਾਰੀ ਨਾਮ ਸਿਮਰਨ ਸਮਾਗਮ ਕਰਵਾਇਆ

ਰਾੜਾ ਸਾਹਿਬ 22 ਸਤੰਬਰ (ਬਲਜੀਤ ਸਿੰਘ ਢਿੱਲੋਂ)- ਗੁਰਦੁਆਰਾ ਤਪੋਬਣ ਢੱਕੀ ਸਾਹਿਬ ਵਿਖੇ ਹਫਤਾਵਾਰੀ ਨਾਮ ਸਿਮਰਨ ਸਮਾਗਮ ਕਰਵਾਇਆ ਗਿਆ। ਇਸ ਮੌਕੇ ਸੰਤ ਬਾਬਾ ਦਰਸ਼ਨ ਸਿੰਘ ਜੀ ਨੇ ਸੰਗਤਾਂ ਨੂੰ ਗੁਰਬਾਣੀ ਨਾਲ ਜੁੜਨ ਦਾ ਸੰਦੇਸ਼ ਦਿੱਤਾ। ਸਮਾਗਮ ਦੌਰਾਨ ਕੀਰਤਨੀ ਜਥਿਆਂ ਨੇ ਰਸਭਿੰਨਾ ਕੀਰਤਨ ਕੀਤਾ ਅਤੇ ਵੱਡੀ ਗਿਣਤੀ ਵਿੱਚ ਸੰਗਤਾਂ ਨੇ ਹਾਜ਼ਰੀ ਭਰੀ।

Public Notice	Public Notice
ਇਸ਼ਤਿਹਾਰ ਸੰਬੰਧੀ ਜ਼ਰੂਰੀ ਬੇਨਤੀ

ਅਦਾਰਾ ਰੋਜ਼ਾਨਾ ਪਹਿਰੇਦਾਰ ਵਿੱਚ ਛਪਣ ਵਾਲੇ ਇਸ਼ਤਿਹਾਰਾਂ ਅਤੇ ਕਲਾਸੀਫਾਈਡ ਇਸ਼ਤਿਹਾਰਾਂ ਦੇ ਸਬੰਧ ਵਿੱਚ ਅਦਾਰੇ ਦੀ ਕੋਈ ਜ਼ਿੰਮੇਵਾਰੀ ਨਹੀਂ ਹੋਵੇਗੀ। ਪਾਠਕ ਆਪਣੀ ਜਾਂਚ ਪੜਤਾਲ ਕਰਕੇ ਹੀ ਲੈਣ ਦੇਣ ਕਰਨ।

ਮੈਨੇਜਰ

PUBLIC NOTICE
ਇਸ਼ਤਿਹਾਰ ਅਤੇ ਕਲਾਸੀਫਾਈਡ ਕੇਵਲ ਅਦਾਰਾ 'ਪਹਿਰੇਦਾਰ' ਦੀ ਈ-ਮੇਲ rozanapehredaradvt@gmail.com 'ਤੇ ਹੀ ਭੇਜੇ ਜਾਣ।
